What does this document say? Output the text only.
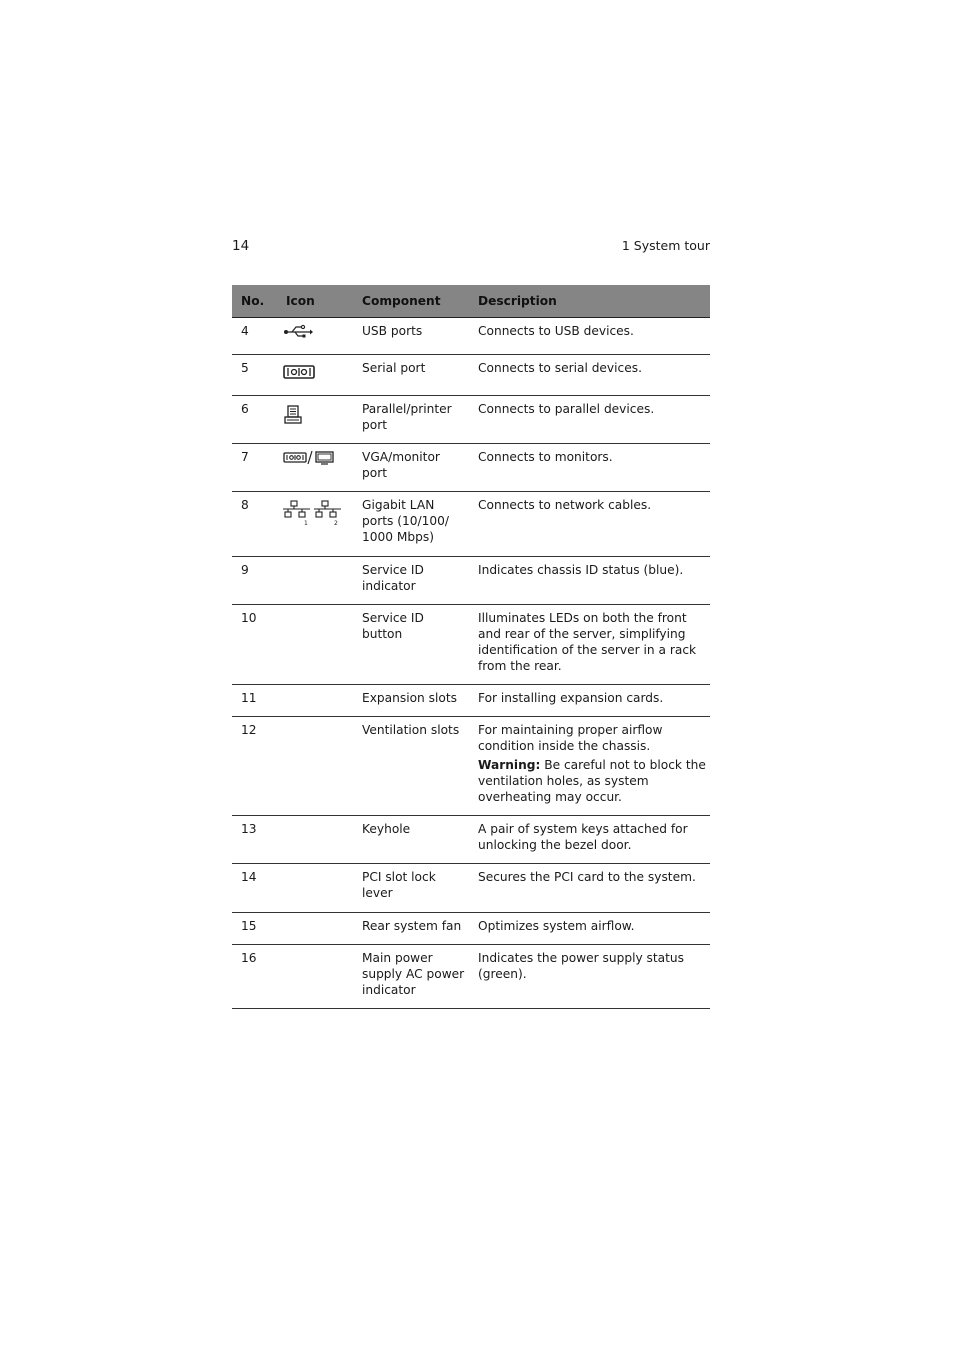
14	1 System tour
No.	Icon	Component	Description
4		USB ports	Connects to USB devices.
5		Serial port	Connects to serial devices.
6		Parallel/printer port	Connects to parallel devices.
7		VGA/monitor port	Connects to monitors.
8	1 2	Gigabit LAN ports (10/100/ 1000 Mbps)	Connects to network cables.
9		Service ID indicator	Indicates chassis ID status (blue).
10		Service ID button	Illuminates LEDs on both the front and rear of the server, simplifying identification of the server in a rack from the rear.
11		Expansion slots	For installing expansion cards.
12		Ventilation slots	For maintaining proper airflow condition inside the chassis.
Warning: Be careful not to block the ventilation holes, as system overheating may occur.

13		Keyhole	A pair of system keys attached for unlocking the bezel door.
14		PCI slot lock lever	Secures the PCI card to the system.
15		Rear system fan	Optimizes system airflow.
16		Main power supply AC power indicator	Indicates the power supply status (green).
